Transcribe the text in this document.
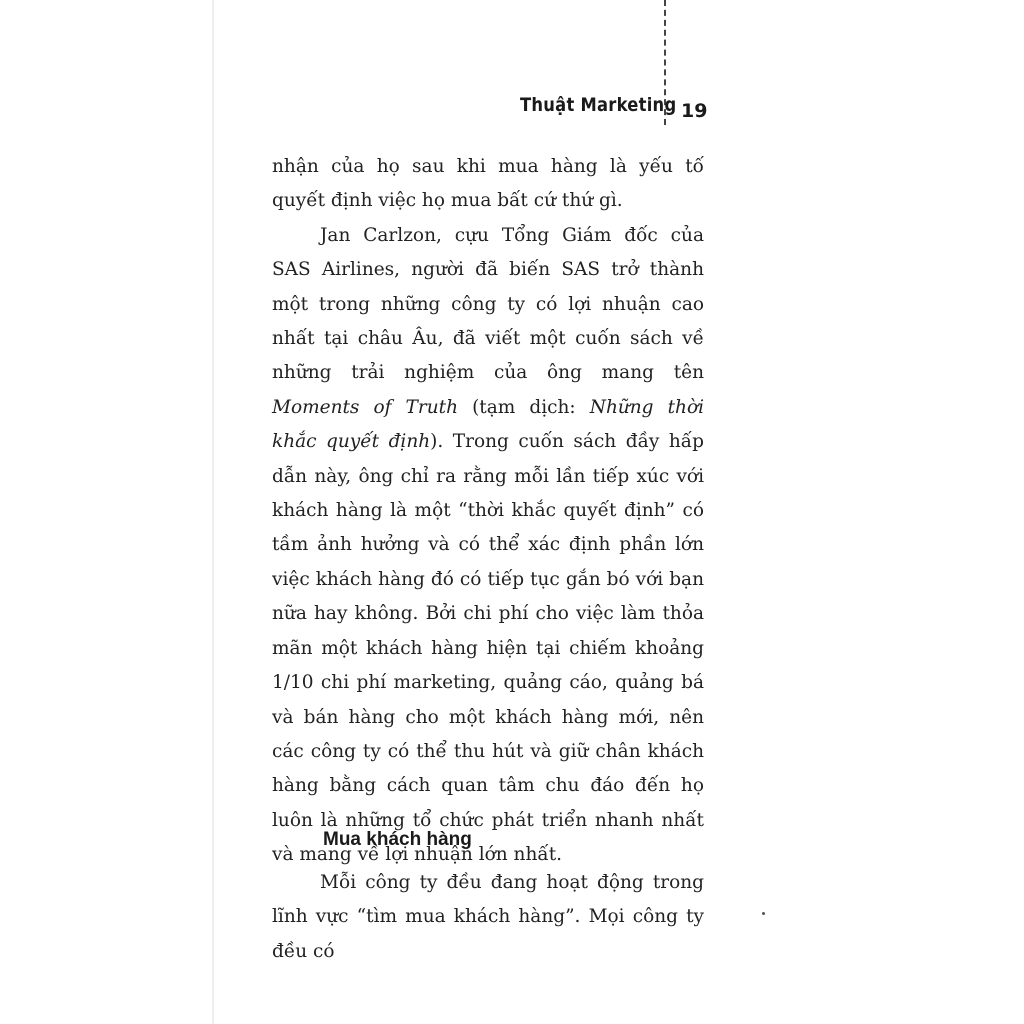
Thuật Marketing 19

nhận của họ sau khi mua hàng là yếu tố quyết định việc họ mua bất cứ thứ gì.

Jan Carlzon, cựu Tổng Giám đốc của SAS Airlines, người đã biến SAS trở thành một trong những công ty có lợi nhuận cao nhất tại châu Âu, đã viết một cuốn sách về những trải nghiệm của ông mang tên Moments of Truth (tạm dịch: Những thời khắc quyết định). Trong cuốn sách đầy hấp dẫn này, ông chỉ ra rằng mỗi lần tiếp xúc với khách hàng là một “thời khắc quyết định” có tầm ảnh hưởng và có thể xác định phần lớn việc khách hàng đó có tiếp tục gắn bó với bạn nữa hay không. Bởi chi phí cho việc làm thỏa mãn một khách hàng hiện tại chiếm khoảng 1/10 chi phí marketing, quảng cáo, quảng bá và bán hàng cho một khách hàng mới, nên các công ty có thể thu hút và giữ chân khách hàng bằng cách quan tâm chu đáo đến họ luôn là những tổ chức phát triển nhanh nhất và mang về lợi nhuận lớn nhất.

Mua khách hàng

Mỗi công ty đều đang hoạt động trong lĩnh vực “tìm mua khách hàng”. Mọi công ty đều có
